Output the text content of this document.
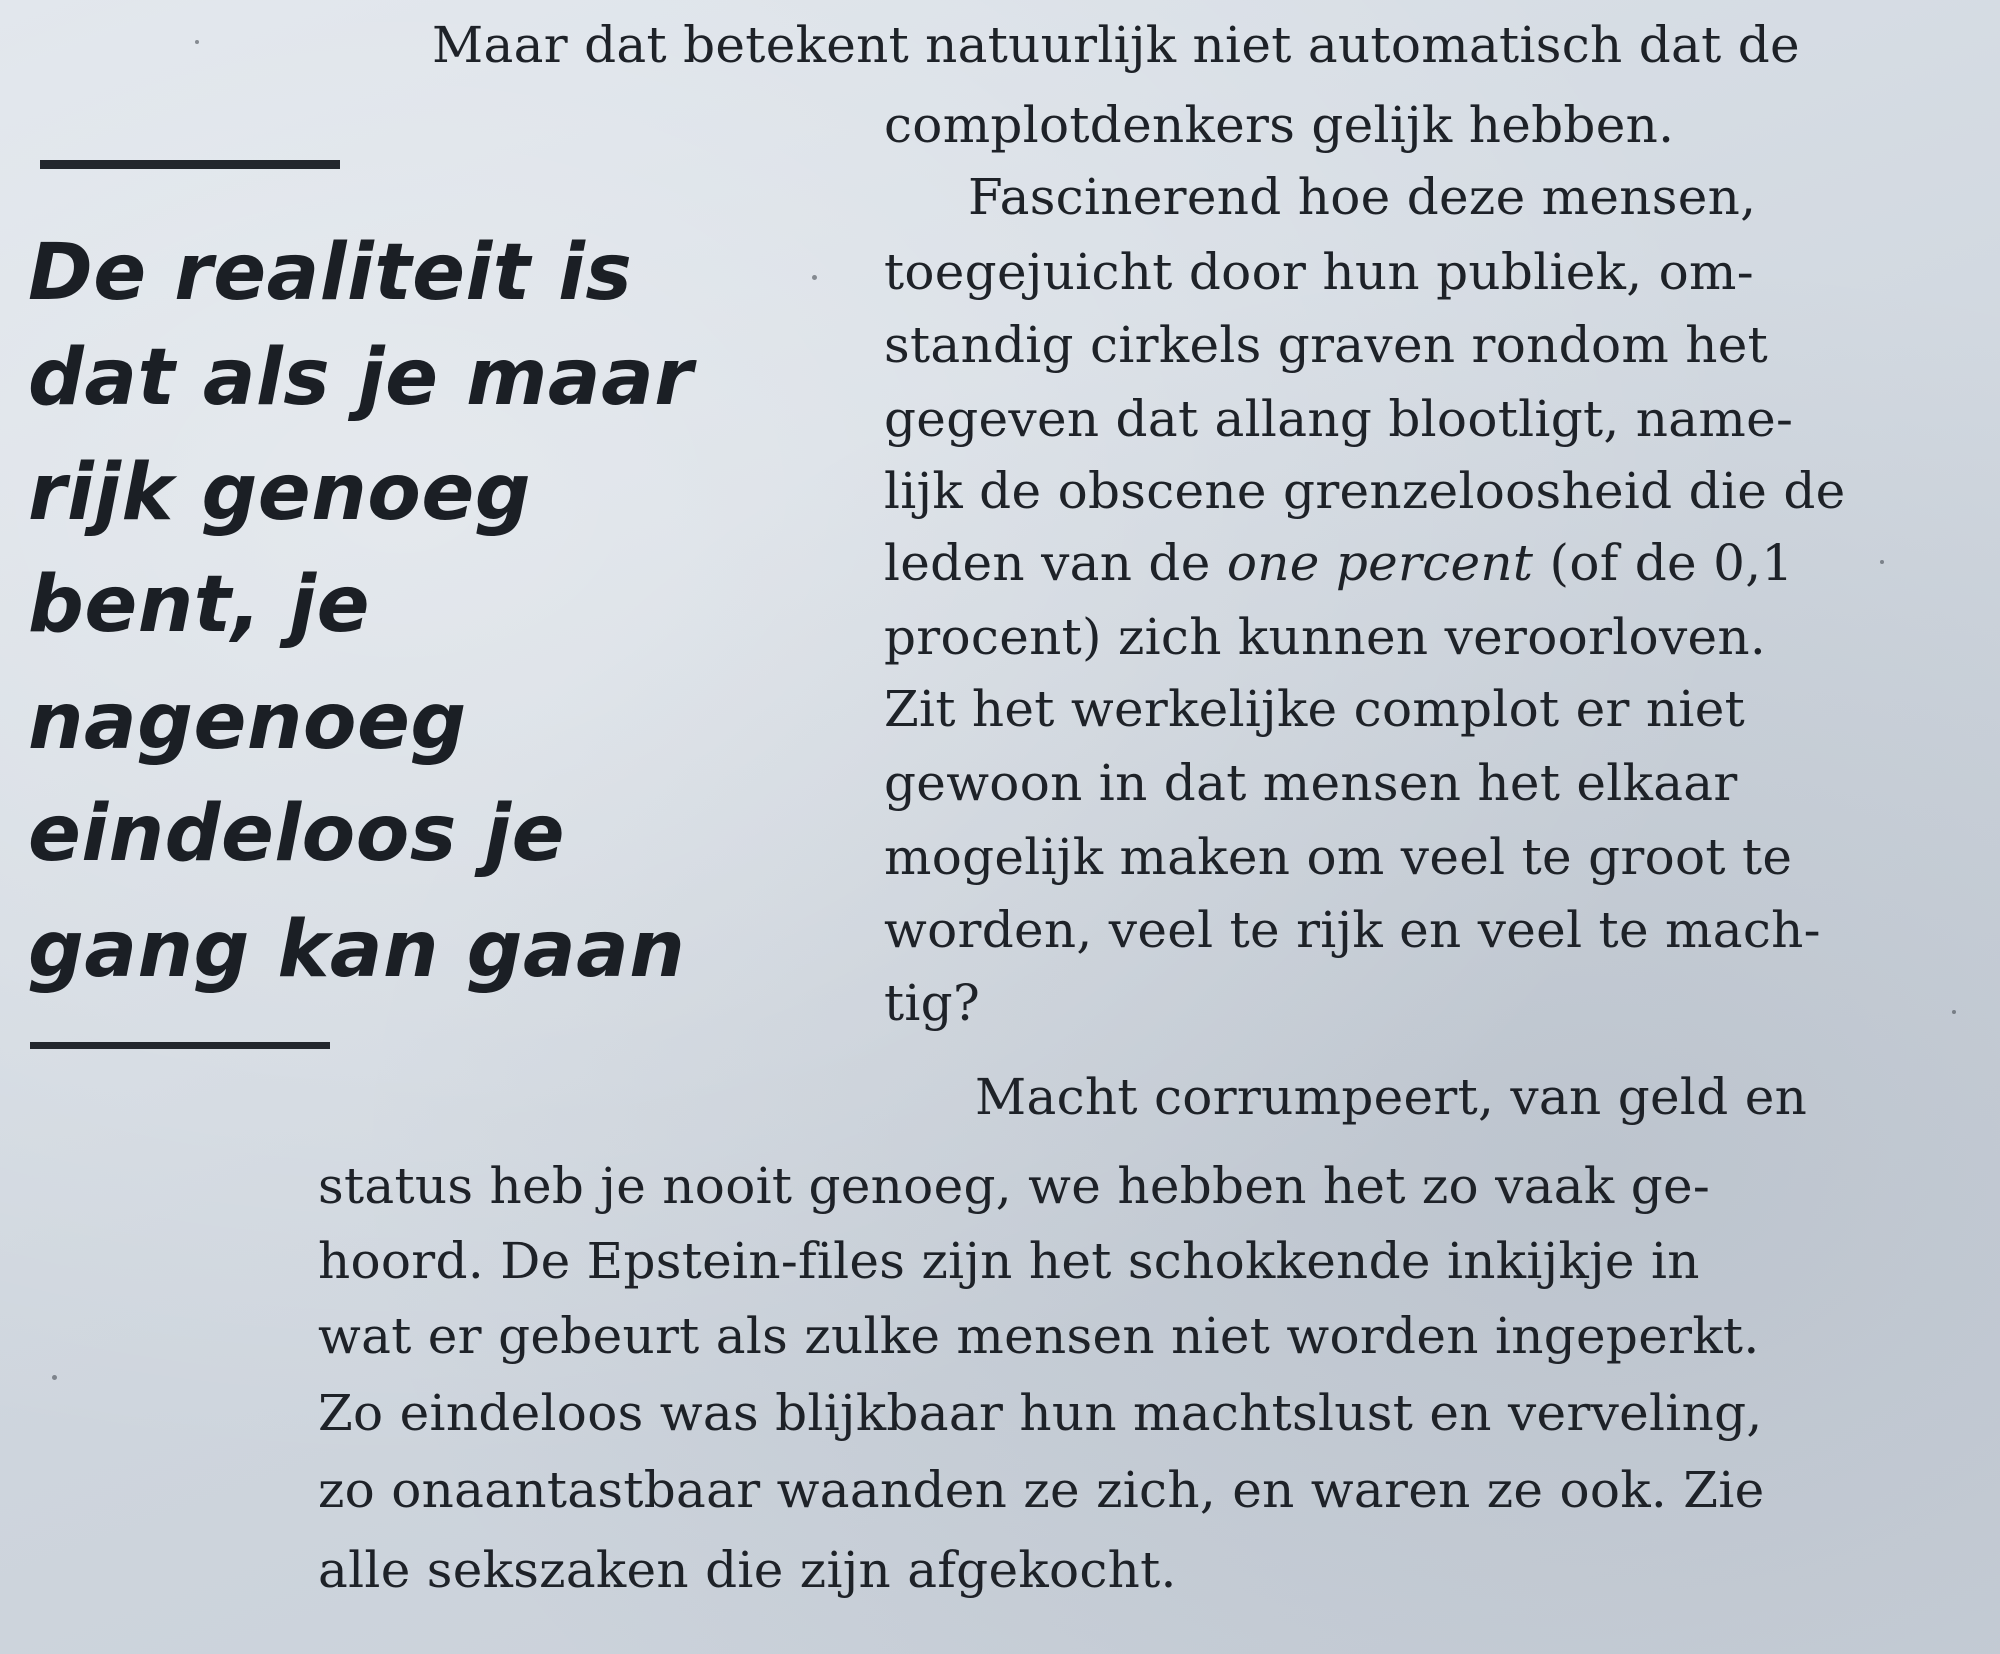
De realiteit is

dat als je maar

rijk genoeg

bent, je

nagenoeg

eindeloos je

gang kan gaan

Maar dat betekent natuurlijk niet automatisch dat de

complotdenkers gelijk hebben.

Fascinerend hoe deze mensen,

toegejuicht door hun publiek, om-

standig cirkels graven rondom het

gegeven dat allang blootligt, name-

lijk de obscene grenzeloosheid die de

leden van de one percent (of de 0,1

procent) zich kunnen veroorloven.

Zit het werkelijke complot er niet

gewoon in dat mensen het elkaar

mogelijk maken om veel te groot te

worden, veel te rijk en veel te mach-

tig?

Macht corrumpeert, van geld en

status heb je nooit genoeg, we hebben het zo vaak ge-

hoord. De Epstein-files zijn het schokkende inkijkje in

wat er gebeurt als zulke mensen niet worden ingeperkt.

Zo eindeloos was blijkbaar hun machtslust en verveling,

zo onaantastbaar waanden ze zich, en waren ze ook. Zie

alle sekszaken die zijn afgekocht.
